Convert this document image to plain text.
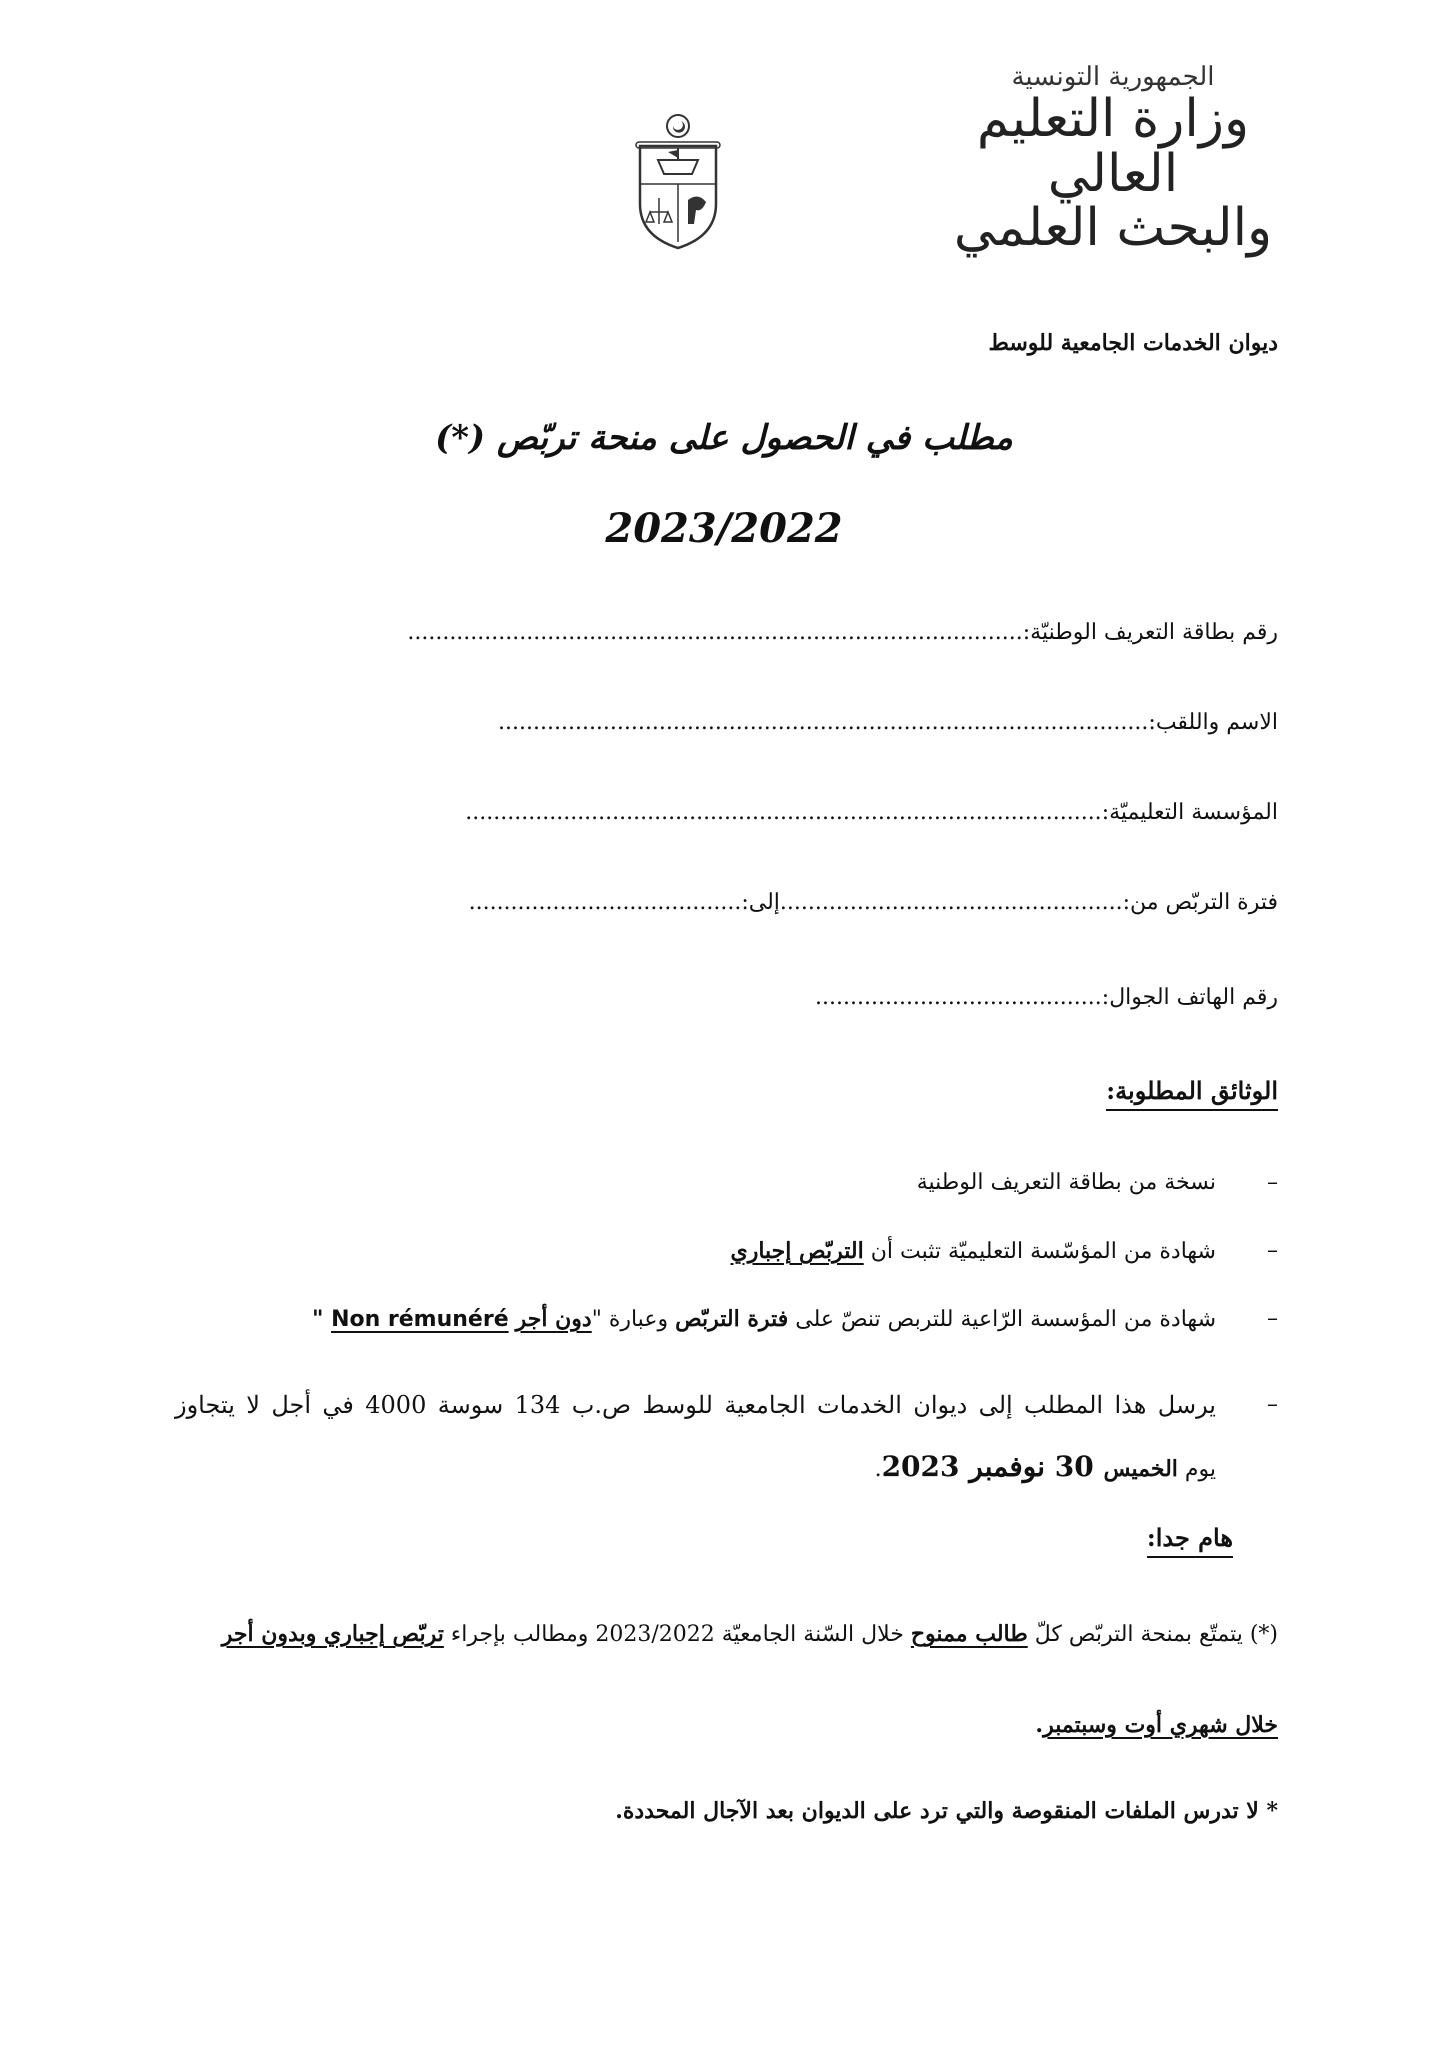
الجمهورية التونسية
وزارة التعليم العالي
والبحث العلمي
ديوان الخدمات الجامعية للوسط
مطلب في الحصول على منحة تربّص (*)
2023/2022
رقم بطاقة التعريف الوطنيّة:........................................................................................
الاسم واللقب:.............................................................................................
المؤسسة التعليميّة:...........................................................................................
فترة التربّص من:.................................................إلى:.......................................
رقم الهاتف الجوال:.........................................
الوثائق المطلوبة:
–
نسخة من بطاقة التعريف الوطنية
–
شهادة من المؤسّسة التعليميّة تثبت أن التربّص إجباري
–
شهادة من المؤسسة الرّاعية للتربص تنصّ على فترة التربّص وعبارة "دون أجر Non rémunéré "
–
يرسل هذا المطلب إلى ديوان الخدمات الجامعية للوسط ص.ب 134 سوسة 4000 في أجل لا يتجاوز
يوم الخميس 30 نوفمبر 2023.
هام جدا:
(*) يتمتّع بمنحة التربّص كلّ طالب ممنوح خلال السّنة الجامعيّة 2023/2022 ومطالب بإجراء تربّص إجباري وبدون أجر
خلال شهري أوت وسبتمبر.
* لا تدرس الملفات المنقوصة والتي ترد على الديوان بعد الآجال المحددة.
